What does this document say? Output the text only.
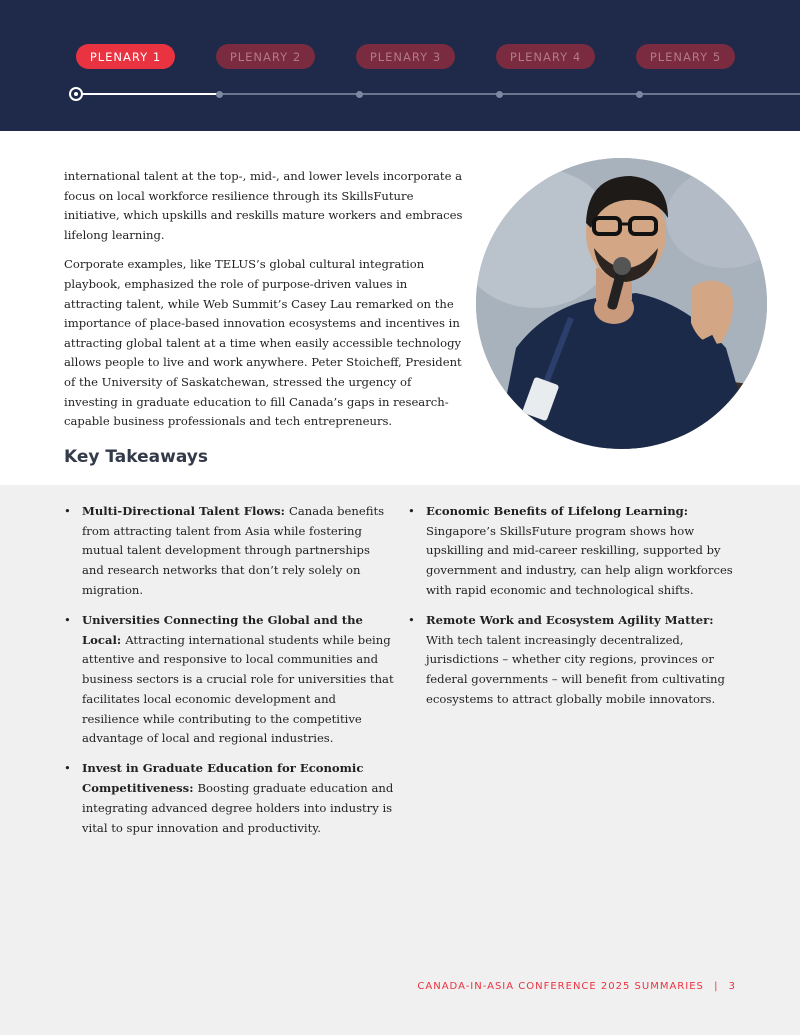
PLENARY 1	PLENARY 2	PLENARY 3	PLENARY 4	PLENARY 5

international talent at the top-, mid-, and lower levels incorporate a focus on local workforce resilience through its SkillsFuture initiative, which upskills and reskills mature workers and embraces lifelong learning.

Corporate examples, like TELUS’s global cultural integration playbook, emphasized the role of purpose-driven values in attracting talent, while Web Summit’s Casey Lau remarked on the importance of place-based innovation ecosystems and incentives in attracting global talent at a time when easily accessible technology allows people to live and work anywhere. Peter Stoicheff, President of the University of Saskatchewan, stressed the urgency of investing in graduate education to fill Canada’s gaps in research-capable business professionals and tech entrepreneurs.

Key Takeaways
• Multi-Directional Talent Flows: Canada benefits from attracting talent from Asia while fostering mutual talent development through partnerships and research networks that don’t rely solely on migration.
• Universities Connecting the Global and the Local: Attracting international students while being attentive and responsive to local communities and business sectors is a crucial role for universities that facilitates local economic development and resilience while contributing to the competitive advantage of local and regional industries.
• Invest in Graduate Education for Economic Competitiveness: Boosting graduate education and integrating advanced degree holders into industry is vital to spur innovation and productivity.
• Economic Benefits of Lifelong Learning: Singapore’s SkillsFuture program shows how upskilling and mid-career reskilling, supported by government and industry, can help align workforces with rapid economic and technological shifts.
• Remote Work and Ecosystem Agility Matter: With tech talent increasingly decentralized, jurisdictions – whether city regions, provinces or federal governments – will benefit from cultivating ecosystems to attract globally mobile innovators.
CANADA-IN-ASIA CONFERENCE 2025 SUMMARIES | 3
